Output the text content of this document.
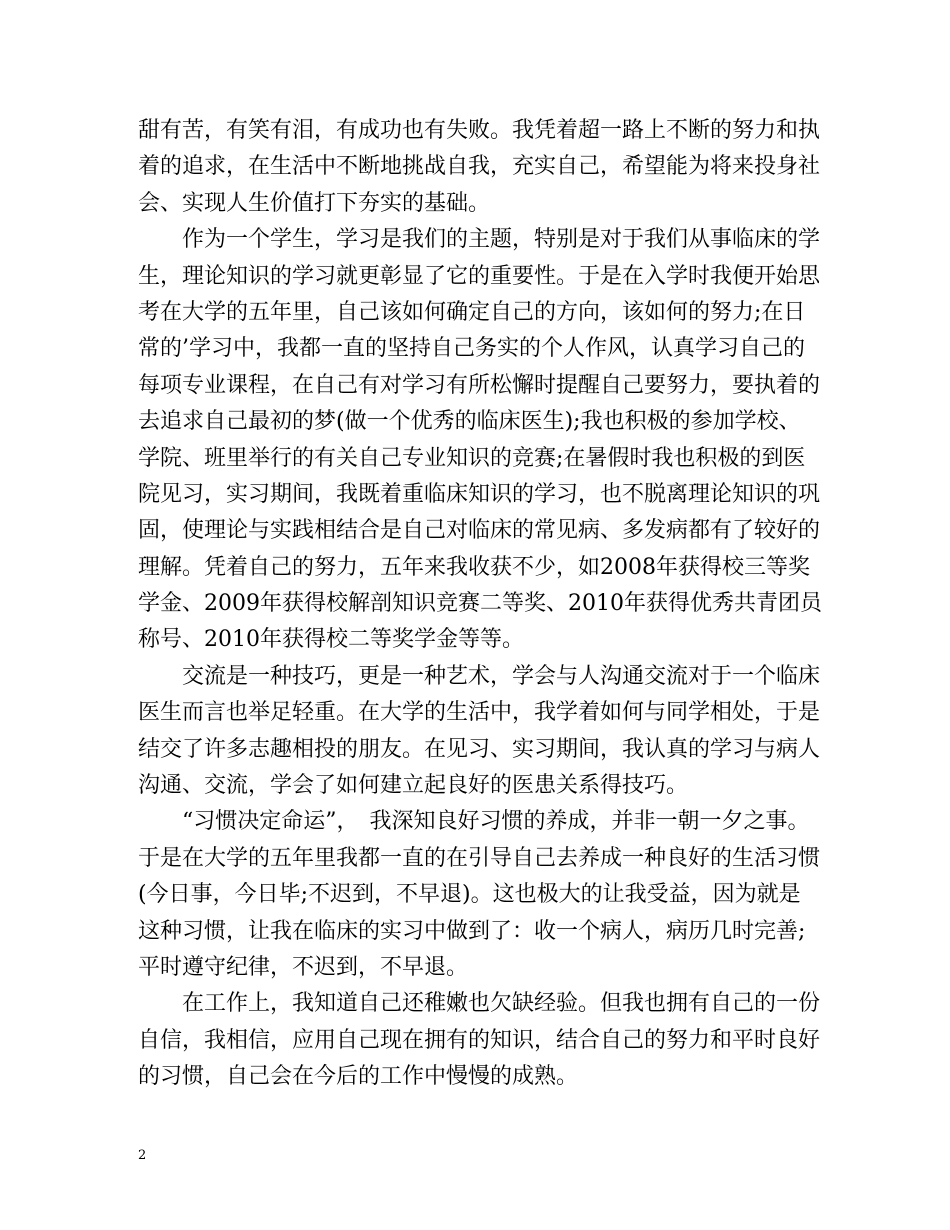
甜有苦，有笑有泪，有成功也有失败。我凭着超一路上不断的努力和执
着的追求，在生活中不断地挑战自我，充实自己，希望能为将来投身社
会、实现人生价值打下夯实的基础。
作为一个学生，学习是我们的主题，特别是对于我们从事临床的学
生，理论知识的学习就更彰显了它的重要性。于是在入学时我便开始思
考在大学的五年里，自己该如何确定自己的方向，该如何的努力;在日
常的’学习中，我都一直的坚持自己务实的个人作风，认真学习自己的
每项专业课程，在自己有对学习有所松懈时提醒自己要努力，要执着的
去追求自己最初的梦(做一个优秀的临床医生);我也积极的参加学校、
学院、班里举行的有关自己专业知识的竞赛;在暑假时我也积极的到医
院见习，实习期间，我既着重临床知识的学习，也不脱离理论知识的巩
固，使理论与实践相结合是自己对临床的常见病、多发病都有了较好的
理解。凭着自己的努力，五年来我收获不少，如2008年获得校三等奖
学金、2009年获得校解剖知识竞赛二等奖、2010年获得优秀共青团员
称号、2010年获得校二等奖学金等等。
交流是一种技巧，更是一种艺术，学会与人沟通交流对于一个临床
医生而言也举足轻重。在大学的生活中，我学着如何与同学相处，于是
结交了许多志趣相投的朋友。在见习、实习期间，我认真的学习与病人
沟通、交流，学会了如何建立起良好的医患关系得技巧。
“习惯决定命运”，　我深知良好习惯的养成，并非一朝一夕之事。
于是在大学的五年里我都一直的在引导自己去养成一种良好的生活习惯
(今日事，今日毕;不迟到，不早退)。这也极大的让我受益，因为就是
这种习惯，让我在临床的实习中做到了：收一个病人，病历几时完善;
平时遵守纪律，不迟到，不早退。
在工作上，我知道自己还稚嫩也欠缺经验。但我也拥有自己的一份
自信，我相信，应用自己现在拥有的知识，结合自己的努力和平时良好
的习惯，自己会在今后的工作中慢慢的成熟。
2
